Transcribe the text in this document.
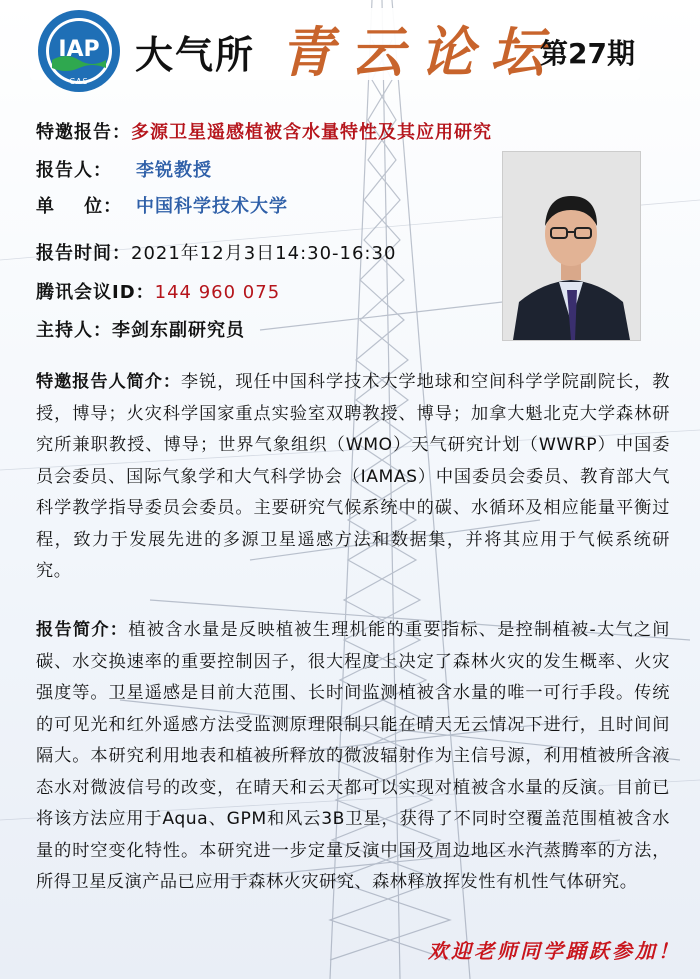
IAP
CAS
大气所 青云论坛
第27期
特邀报告：多源卫星遥感植被含水量特性及其应用研究
报告人： 李锐教授
单    位： 中国科学技术大学
报告时间：2021年12月3日14:30-16:30
腾讯会议ID：144 960 075
主持人：李剑东副研究员
特邀报告人简介：李锐，现任中国科学技术大学地球和空间科学学院副院长，教授，博导；火灾科学国家重点实验室双聘教授、博导；加拿大魁北克大学森林研究所兼职教授、博导；世界气象组织（WMO）天气研究计划（WWRP）中国委员会委员、国际气象学和大气科学协会（IAMAS）中国委员会委员、教育部大气科学教学指导委员会委员。主要研究气候系统中的碳、水循环及相应能量平衡过程，致力于发展先进的多源卫星遥感方法和数据集，并将其应用于气候系统研究。
报告简介：植被含水量是反映植被生理机能的重要指标、是控制植被-大气之间碳、水交换速率的重要控制因子，很大程度上决定了森林火灾的发生概率、火灾强度等。卫星遥感是目前大范围、长时间监测植被含水量的唯一可行手段。传统的可见光和红外遥感方法受监测原理限制只能在晴天无云情况下进行，且时间间隔大。本研究利用地表和植被所释放的微波辐射作为主信号源，利用植被所含液态水对微波信号的改变，在晴天和云天都可以实现对植被含水量的反演。目前已将该方法应用于Aqua、GPM和风云3B卫星，获得了不同时空覆盖范围植被含水量的时空变化特性。本研究进一步定量反演中国及周边地区水汽蒸腾率的方法，所得卫星反演产品已应用于森林火灾研究、森林释放挥发性有机性气体研究。
欢迎老师同学踊跃参加！
